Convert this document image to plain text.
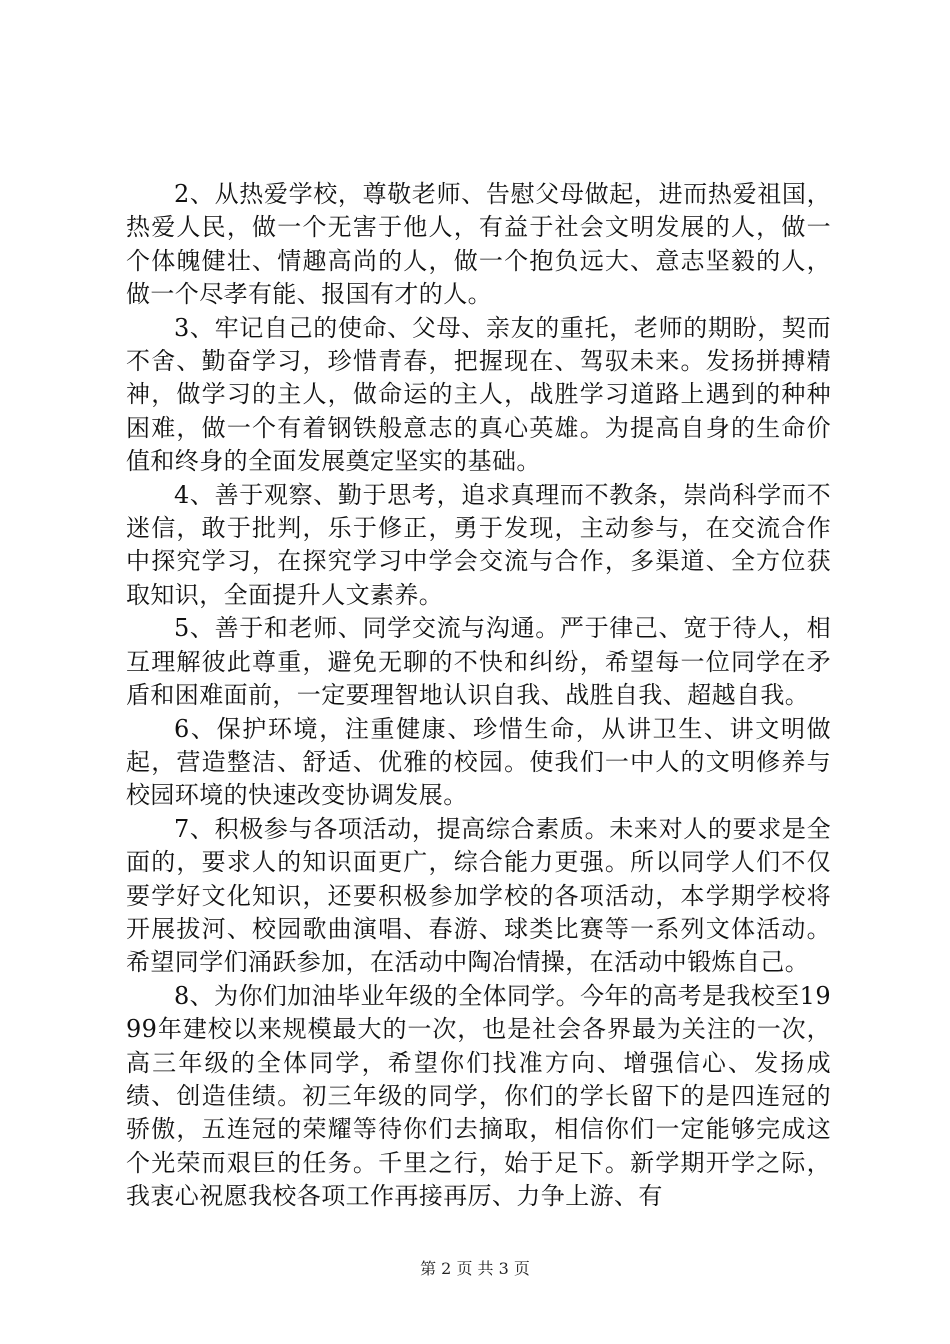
2、从热爱学校，尊敬老师、告慰父母做起，进而热爱祖国，热爱人民，做一个无害于他人，有益于社会文明发展的人，做一个体魄健壮、情趣高尚的人，做一个抱负远大、意志坚毅的人，做一个尽孝有能、报国有才的人。

3、牢记自己的使命、父母、亲友的重托，老师的期盼，契而不舍、勤奋学习，珍惜青春，把握现在、驾驭未来。发扬拼搏精神，做学习的主人，做命运的主人，战胜学习道路上遇到的种种困难，做一个有着钢铁般意志的真心英雄。为提高自身的生命价值和终身的全面发展奠定坚实的基础。

4、善于观察、勤于思考，追求真理而不教条，崇尚科学而不迷信，敢于批判，乐于修正，勇于发现，主动参与，在交流合作中探究学习，在探究学习中学会交流与合作，多渠道、全方位获取知识，全面提升人文素养。

5、善于和老师、同学交流与沟通。严于律己、宽于待人，相互理解彼此尊重，避免无聊的不快和纠纷，希望每一位同学在矛盾和困难面前，一定要理智地认识自我、战胜自我、超越自我。

6、保护环境，注重健康、珍惜生命，从讲卫生、讲文明做起，营造整洁、舒适、优雅的校园。使我们一中人的文明修养与校园环境的快速改变协调发展。

7、积极参与各项活动，提高综合素质。未来对人的要求是全面的，要求人的知识面更广，综合能力更强。所以同学人们不仅要学好文化知识，还要积极参加学校的各项活动，本学期学校将开展拔河、校园歌曲演唱、春游、球类比赛等一系列文体活动。希望同学们涌跃参加，在活动中陶冶情操，在活动中锻炼自己。

8、为你们加油毕业年级的全体同学。今年的高考是我校至1999年建校以来规模最大的一次，也是社会各界最为关注的一次，高三年级的全体同学，希望你们找准方向、增强信心、发扬成绩、创造佳绩。初三年级的同学，你们的学长留下的是四连冠的骄傲，五连冠的荣耀等待你们去摘取，相信你们一定能够完成这个光荣而艰巨的任务。千里之行，始于足下。新学期开学之际，我衷心祝愿我校各项工作再接再厉、力争上游、有

第 2 页 共 3 页
